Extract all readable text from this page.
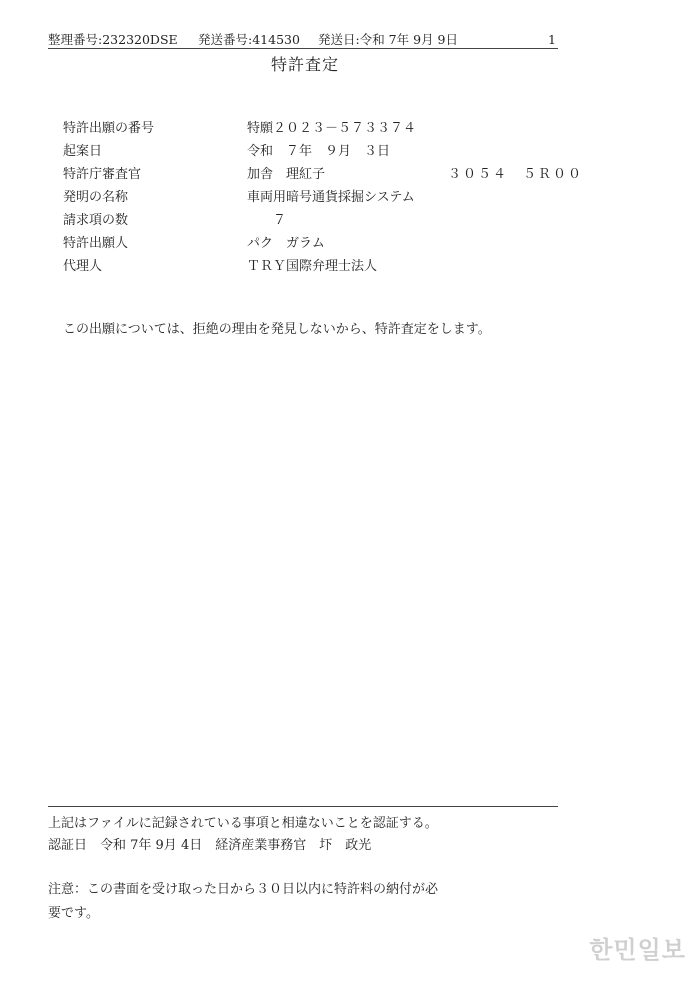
整理番号:232320DSE 発送番号:414530 発送日:令和 7年 9月 9日	1
特許査定
特許出願の番号	特願２０２３－５７３３７４
起案日	令和　７年　９月　３日
特許庁審査官	加舎　理紅子	３０５４　５Ｒ００
発明の名称	車両用暗号通貨採掘システム
請求項の数	　　７
特許出願人	パク　ガラム
代理人	ＴＲＹ国際弁理士法人
この出願については、拒絶の理由を発見しないから、特許査定をします。
上記はファイルに記録されている事項と相違ないことを認証する。
認証日　令和 7年 9月 4日　経済産業事務官　圷　政光
注意：この書面を受け取った日から３０日以内に特許料の納付が必
要です。
한민일보
